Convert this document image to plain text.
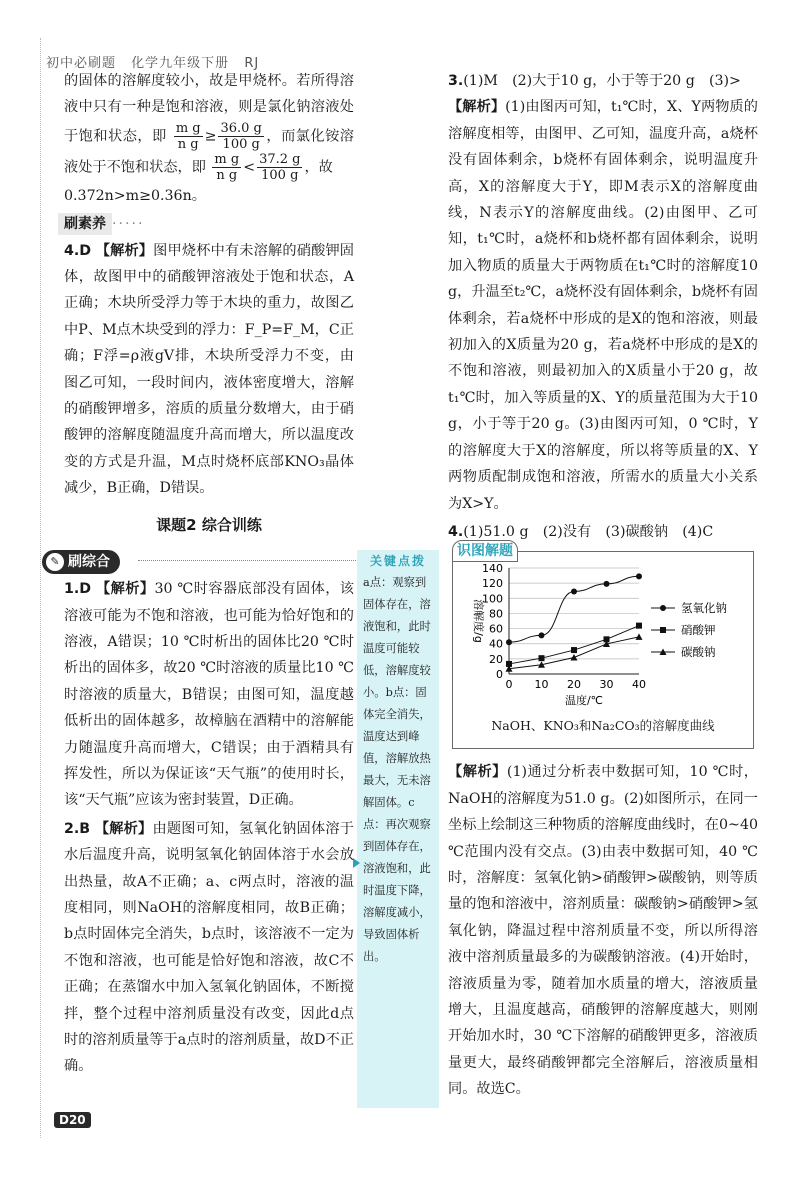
初中必刷题 化学九年级下册 RJ

的固体的溶解度较小，故是甲烧杯。若所得溶液中只有一种是饱和溶液，则是氯化钠溶液处于饱和状态，即 $\frac{\text{m g}}{\text{n g}} \ge \frac{36.0 g}{100 g}$ ，而氯化铵溶液处于不饱和状态，即 $\frac{\text{m g}}{\text{n g}} < \frac{37.2 g}{100 g}$ ，故
0.372n>m≥0.36n。

刷素养 ·····

4.D 【解析】图甲烧杯中有未溶解的硝酸钾固体，故图甲中的硝酸钾溶液处于饱和状态，A正确；木块所受浮力等于木块的重力，故图乙中P、M点木块受到的浮力：F_P=F_M，C正确；F浮=ρ液gV排，木块所受浮力不变，由图乙可知，一段时间内，液体密度增大，溶解的硝酸钾增多，溶质的质量分数增大，由于硝酸钾的溶解度随温度升高而增大，所以温度改变的方式是升温，M点时烧杯底部KNO₃晶体减少，B正确，D错误。

课题2 综合训练
✎ 刷综合

1.D 【解析】30 ℃时容器底部没有固体，该溶液可能为不饱和溶液，也可能为恰好饱和的溶液，A错误；10 ℃时析出的固体比20 ℃时析出的固体多，故20 ℃时溶液的质量比10 ℃时溶液的质量大，B错误；由图可知，温度越低析出的固体越多，故樟脑在酒精中的溶解能力随温度升高而增大，C错误；由于酒精具有挥发性，所以为保证该“天气瓶”的使用时长，该“天气瓶”应该为密封装置，D正确。

2.B 【解析】由题图可知，氢氧化钠固体溶于水后温度升高，说明氢氧化钠固体溶于水会放出热量，故A不正确；a、c两点时，溶液的温度相同，则NaOH的溶解度相同，故B正确；b点时固体完全消失，b点时，该溶液不一定为不饱和溶液，也可能是恰好饱和溶液，故C不正确；在蒸馏水中加入氢氧化钠固体，不断搅拌，整个过程中溶剂质量没有改变，因此d点时的溶剂质量等于a点时的溶剂质量，故D不正确。

关键点拨
a点：观察到固体存在，溶液饱和，此时温度可能较低，溶解度较小。b点：固体完全消失，温度达到峰值，溶解放热最大，无未溶解固体。c点：再次观察到固体存在，溶液饱和，此时温度下降，溶解度减小，导致固体析出。

3.(1)M　(2)大于10 g，小于等于20 g　(3)>
【解析】(1)由图丙可知，t₁℃时，X、Y两物质的溶解度相等，由图甲、乙可知，温度升高，a烧杯没有固体剩余，b烧杯有固体剩余，说明温度升高，X的溶解度大于Y，即M表示X的溶解度曲线，N表示Y的溶解度曲线。(2)由图甲、乙可知，t₁℃时，a烧杯和b烧杯都有固体剩余，说明加入物质的质量大于两物质在t₁℃时的溶解度10 g，升温至t₂℃，a烧杯没有固体剩余，b烧杯有固体剩余，若a烧杯中形成的是X的饱和溶液，则最初加入的X质量为20 g，若a烧杯中形成的是X的不饱和溶液，则最初加入的X质量小于20 g，故t₁℃时，加入等质量的X、Y的质量范围为大于10 g，小于等于20 g。(3)由图丙可知，0 ℃时，Y的溶解度大于X的溶解度，所以将等质量的X、Y两物质配制成饱和溶液，所需水的质量大小关系为X>Y。

4.(1)51.0 g　(2)没有　(3)碳酸钠　(4)C

识图解题
0
20
40
60
80
100
120
140
0 10 20 30 40
温度/℃
溶解度/g	氢氧化钠
硝酸钾
碳酸钠
NaOH、KNO₃和Na₂CO₃的溶解度曲线

【解析】(1)通过分析表中数据可知，10 ℃时，NaOH的溶解度为51.0 g。(2)如图所示，在同一坐标上绘制这三种物质的溶解度曲线时，在0~40 ℃范围内没有交点。(3)由表中数据可知，40 ℃时，溶解度：氢氧化钠>硝酸钾>碳酸钠，则等质量的饱和溶液中，溶剂质量：碳酸钠>硝酸钾>氢氧化钠，降温过程中溶剂质量不变，所以所得溶液中溶剂质量最多的为碳酸钠溶液。(4)开始时，溶液质量为零，随着加水质量的增大，溶液质量增大，且温度越高，硝酸钾的溶解度越大，则刚开始加水时，30 ℃下溶解的硝酸钾更多，溶液质量更大，最终硝酸钾都完全溶解后，溶液质量相同。故选C。

D20
